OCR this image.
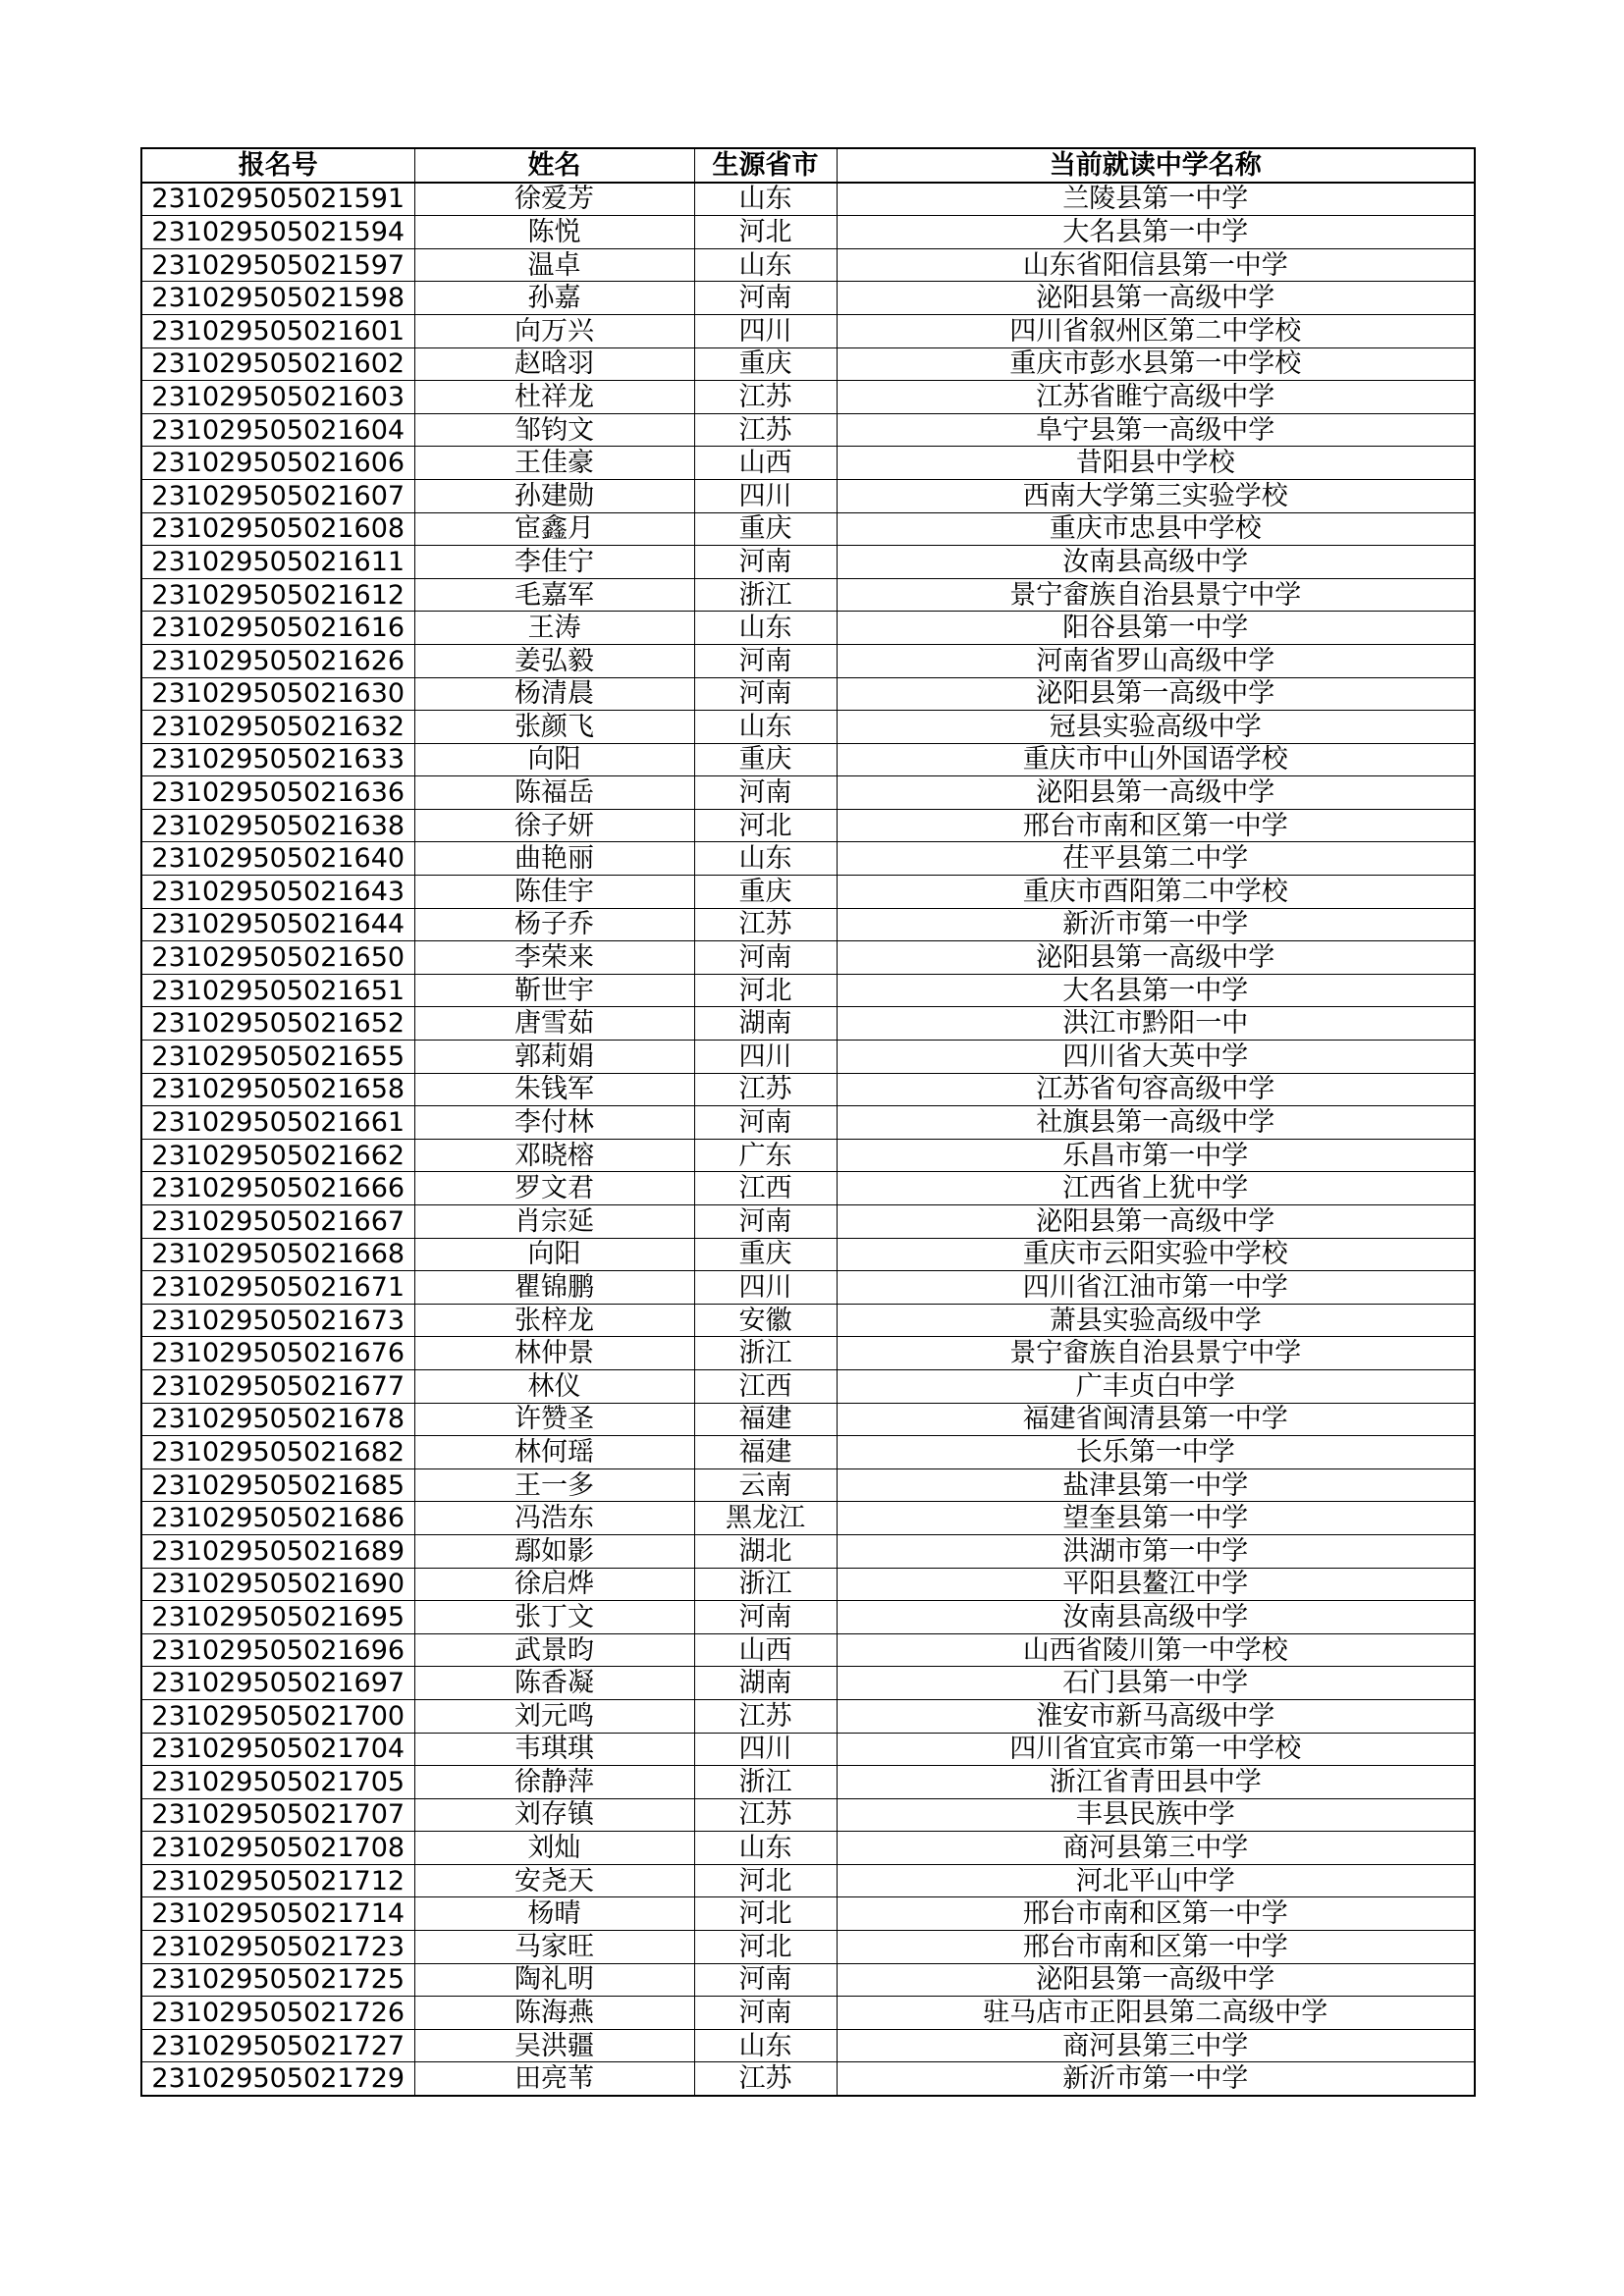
报名号	姓名	生源省市	当前就读中学名称
231029505021591	徐爱芳	山东	兰陵县第一中学
231029505021594	陈悦	河北	大名县第一中学
231029505021597	温卓	山东	山东省阳信县第一中学
231029505021598	孙嘉	河南	泌阳县第一高级中学
231029505021601	向万兴	四川	四川省叙州区第二中学校
231029505021602	赵晗羽	重庆	重庆市彭水县第一中学校
231029505021603	杜祥龙	江苏	江苏省睢宁高级中学
231029505021604	邹钧文	江苏	阜宁县第一高级中学
231029505021606	王佳豪	山西	昔阳县中学校
231029505021607	孙建勋	四川	西南大学第三实验学校
231029505021608	宦鑫月	重庆	重庆市忠县中学校
231029505021611	李佳宁	河南	汝南县高级中学
231029505021612	毛嘉军	浙江	景宁畲族自治县景宁中学
231029505021616	王涛	山东	阳谷县第一中学
231029505021626	姜弘毅	河南	河南省罗山高级中学
231029505021630	杨清晨	河南	泌阳县第一高级中学
231029505021632	张颜飞	山东	冠县实验高级中学
231029505021633	向阳	重庆	重庆市中山外国语学校
231029505021636	陈福岳	河南	泌阳县第一高级中学
231029505021638	徐子妍	河北	邢台市南和区第一中学
231029505021640	曲艳丽	山东	茌平县第二中学
231029505021643	陈佳宇	重庆	重庆市酉阳第二中学校
231029505021644	杨子乔	江苏	新沂市第一中学
231029505021650	李荣来	河南	泌阳县第一高级中学
231029505021651	靳世宇	河北	大名县第一中学
231029505021652	唐雪茹	湖南	洪江市黔阳一中
231029505021655	郭莉娟	四川	四川省大英中学
231029505021658	朱钱军	江苏	江苏省句容高级中学
231029505021661	李付林	河南	社旗县第一高级中学
231029505021662	邓晓榕	广东	乐昌市第一中学
231029505021666	罗文君	江西	江西省上犹中学
231029505021667	肖宗延	河南	泌阳县第一高级中学
231029505021668	向阳	重庆	重庆市云阳实验中学校
231029505021671	瞿锦鹏	四川	四川省江油市第一中学
231029505021673	张梓龙	安徽	萧县实验高级中学
231029505021676	林仲景	浙江	景宁畲族自治县景宁中学
231029505021677	林仪	江西	广丰贞白中学
231029505021678	许赞圣	福建	福建省闽清县第一中学
231029505021682	林何瑶	福建	长乐第一中学
231029505021685	王一多	云南	盐津县第一中学
231029505021686	冯浩东	黑龙江	望奎县第一中学
231029505021689	鄢如影	湖北	洪湖市第一中学
231029505021690	徐启烨	浙江	平阳县鳌江中学
231029505021695	张丁文	河南	汝南县高级中学
231029505021696	武景昀	山西	山西省陵川第一中学校
231029505021697	陈香凝	湖南	石门县第一中学
231029505021700	刘元鸣	江苏	淮安市新马高级中学
231029505021704	韦琪琪	四川	四川省宜宾市第一中学校
231029505021705	徐静萍	浙江	浙江省青田县中学
231029505021707	刘存镇	江苏	丰县民族中学
231029505021708	刘灿	山东	商河县第三中学
231029505021712	安尧天	河北	河北平山中学
231029505021714	杨晴	河北	邢台市南和区第一中学
231029505021723	马家旺	河北	邢台市南和区第一中学
231029505021725	陶礼明	河南	泌阳县第一高级中学
231029505021726	陈海燕	河南	驻马店市正阳县第二高级中学
231029505021727	吴洪疆	山东	商河县第三中学
231029505021729	田亮苇	江苏	新沂市第一中学
